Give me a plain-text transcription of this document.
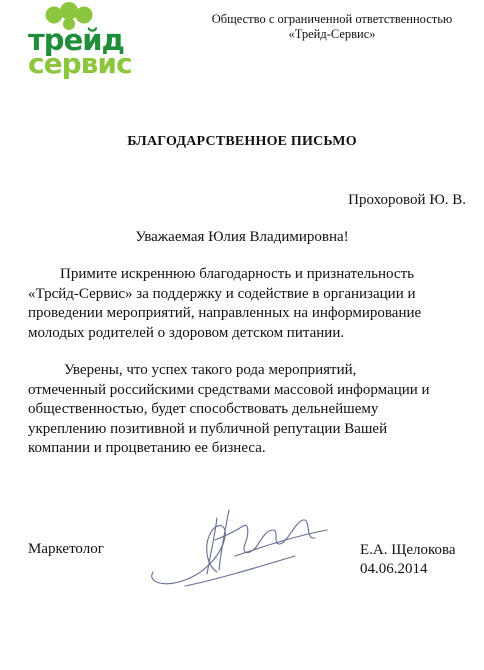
трейд
сервис
Общество с ограниченной ответственностью
«Трейд-Сервис»
БЛАГОДАРСТВЕННОЕ ПИСЬМО
Прохоровой Ю. В.
Уважаемая Юлия Владимировна!
Примите искреннюю благодарность и признательность
«Трсйд-Сервис» за поддержку и содействие в организации и
проведении мероприятий, направленных на информирование
молодых родителей о здоровом детском питании.
Уверены, что успех такого рода мероприятий,
отмеченный российскими средствами массовой информации и
общественностью, будет способствовать дельнейшему
укреплению позитивной и публичной репутации Вашей
компании и процветанию ее бизнеса.
Маркетолог	Е.А. Щелокова
04.06.2014
